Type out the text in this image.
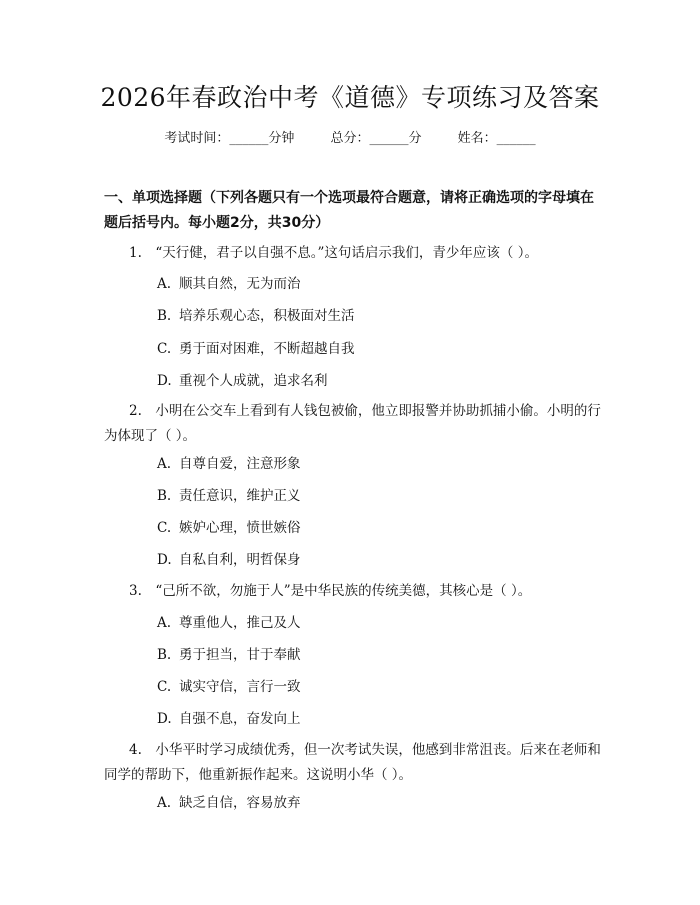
2026年春政治中考《道德》专项练习及答案
考试时间：______分钟	总分：______分	姓名：______
一、单项选择题（下列各题只有一个选项最符合题意，请将正确选项的字母填在题后括号内。每小题2分，共30分）
1.　“天行健，君子以自强不息。”这句话启示我们，青少年应该（ ）。
A. 顺其自然，无为而治
B. 培养乐观心态，积极面对生活
C. 勇于面对困难，不断超越自我
D. 重视个人成就，追求名利
2.　小明在公交车上看到有人钱包被偷，他立即报警并协助抓捕小偷。小明的行为体现了（ ）。
A. 自尊自爱，注意形象
B. 责任意识，维护正义
C. 嫉妒心理，愤世嫉俗
D. 自私自利，明哲保身
3.　“己所不欲，勿施于人”是中华民族的传统美德，其核心是（ ）。
A. 尊重他人，推己及人
B. 勇于担当，甘于奉献
C. 诚实守信，言行一致
D. 自强不息，奋发向上
4.　小华平时学习成绩优秀，但一次考试失误，他感到非常沮丧。后来在老师和同学的帮助下，他重新振作起来。这说明小华（ ）。
A. 缺乏自信，容易放弃
